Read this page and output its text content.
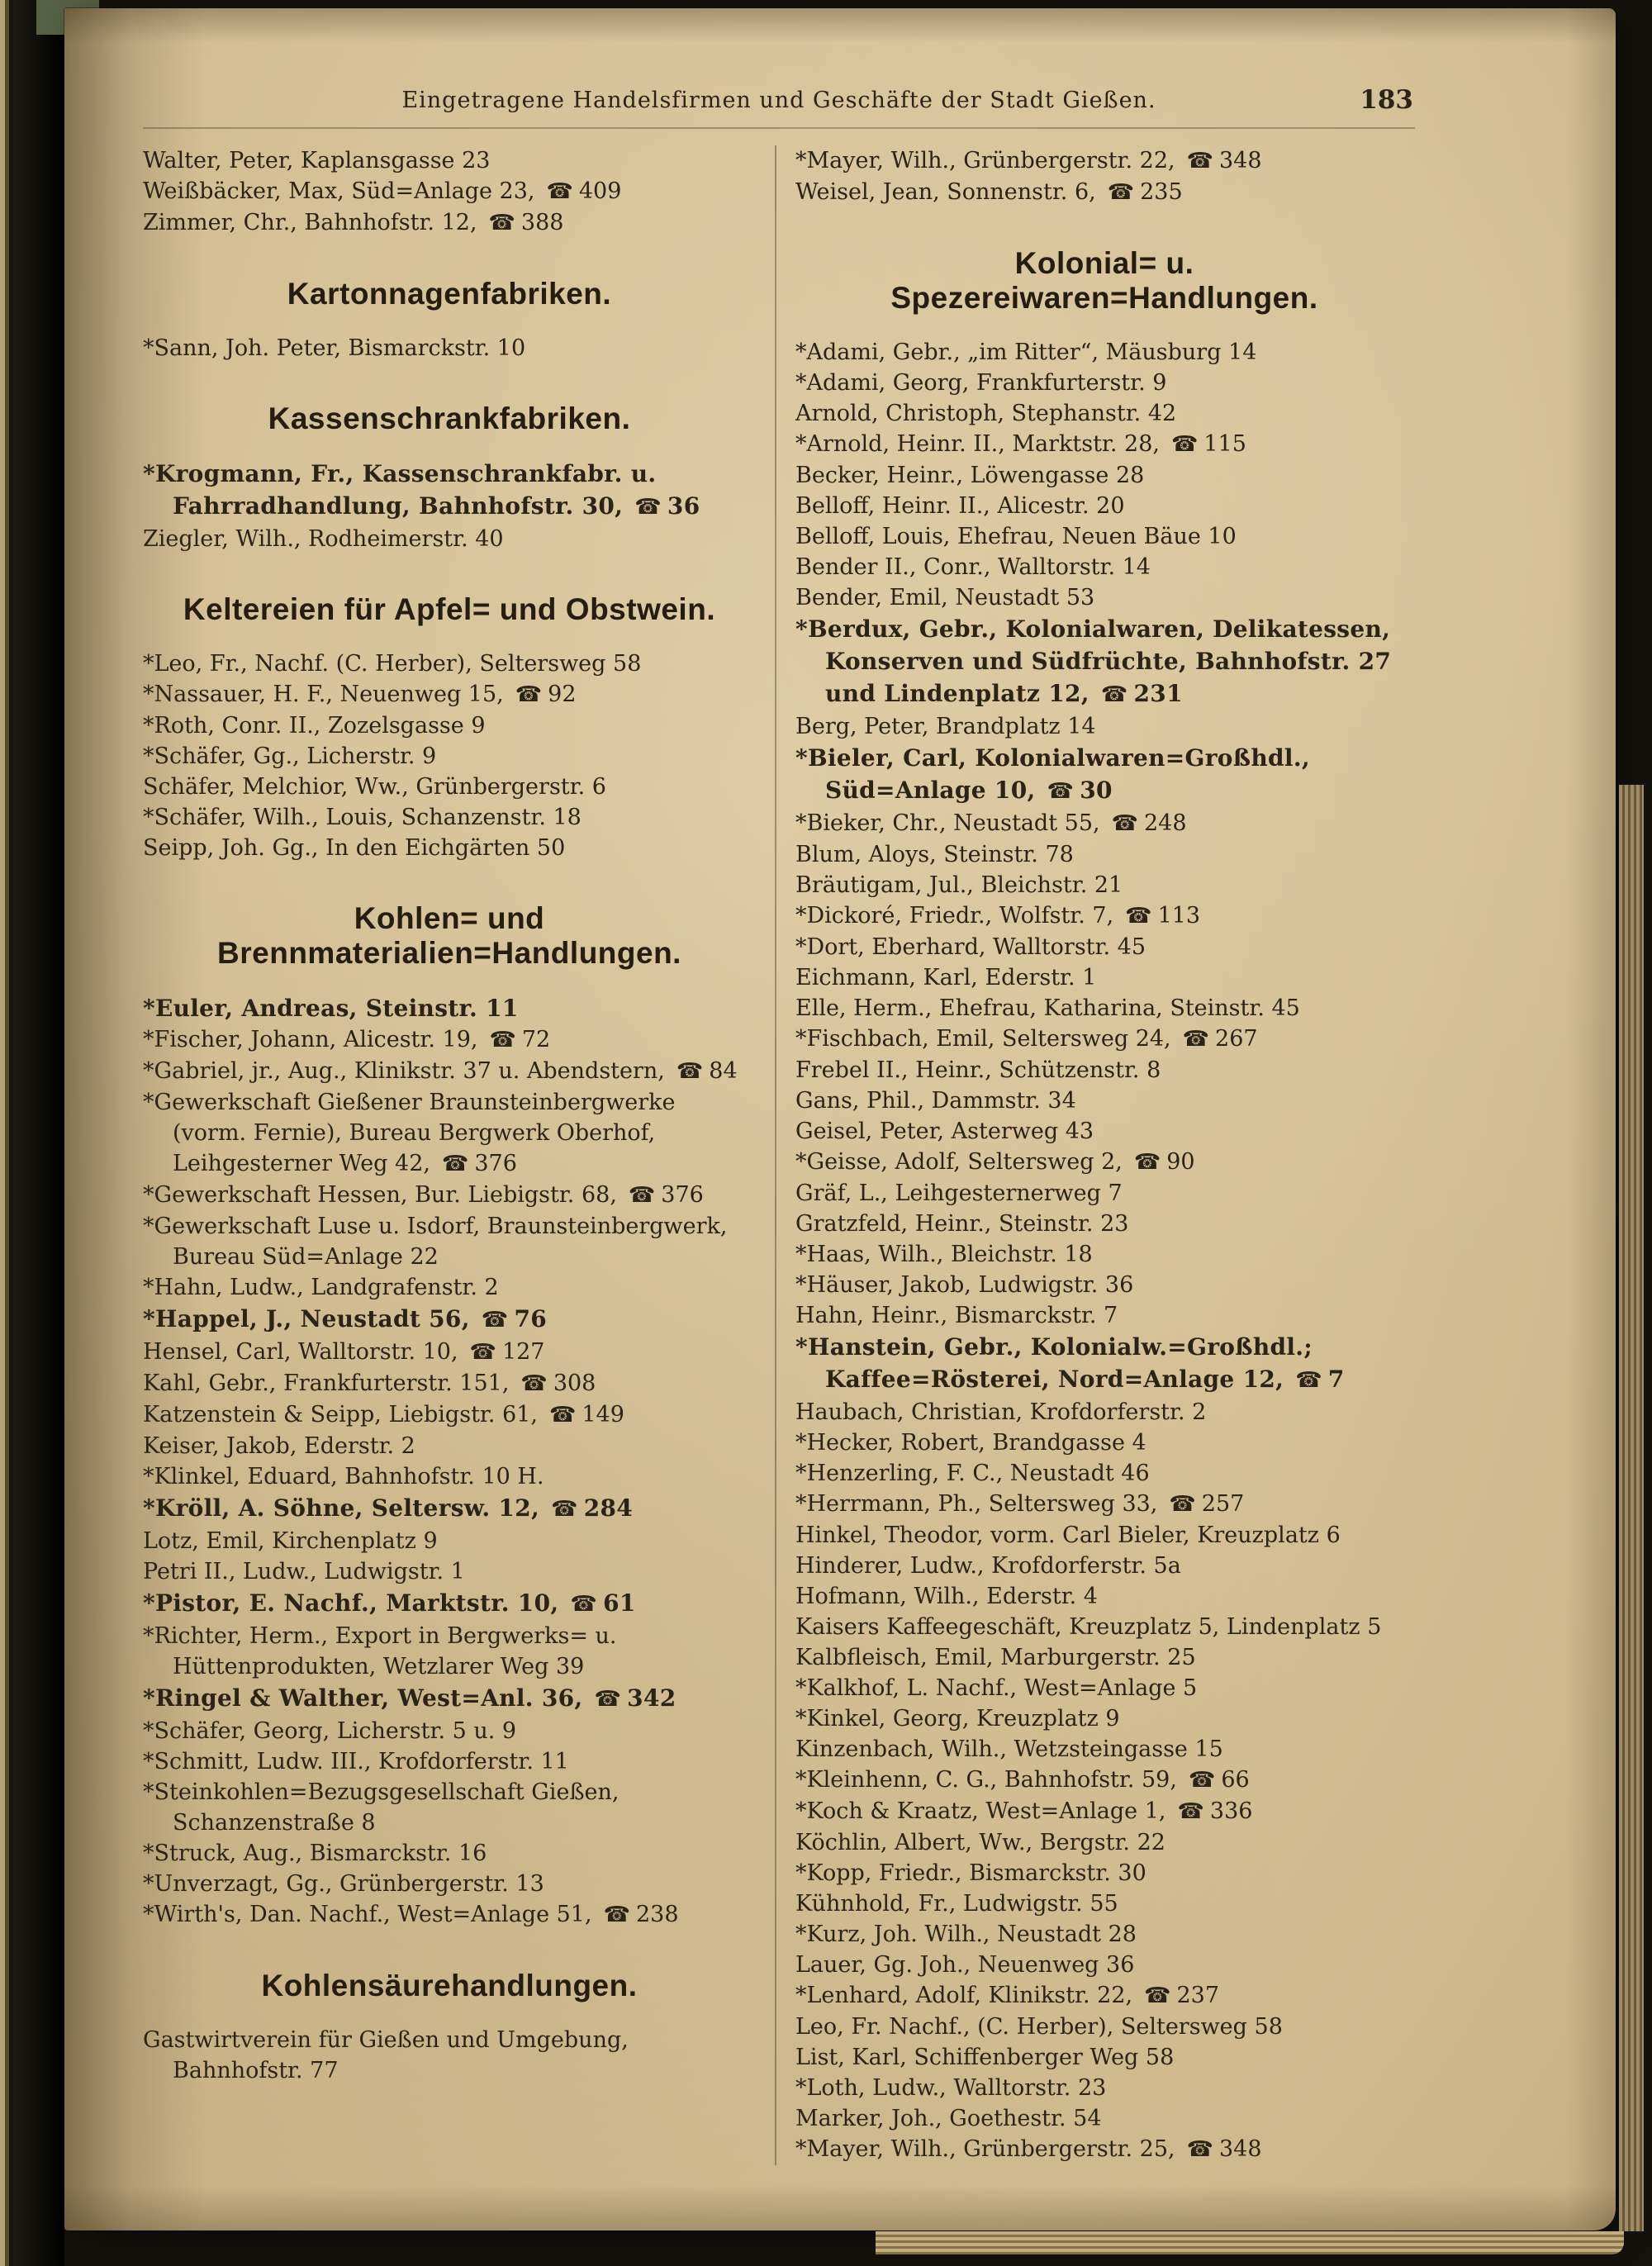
Eingetragene Handelsfirmen und Geschäfte der Stadt Gießen.	183
Walter, Peter, Kaplansgasse 23
Weißbäcker, Max, Süd=Anlage 23, ☎ 409
Zimmer, Chr., Bahnhofstr. 12, ☎ 388
Kartonnagenfabriken.
*Sann, Joh. Peter, Bismarckstr. 10
Kassenschrankfabriken.
*Krogmann, Fr., Kassenschrankfabr. u. Fahrradhandlung, Bahnhofstr. 30, ☎ 36
Ziegler, Wilh., Rodheimerstr. 40
Keltereien für Apfel= und Obstwein.
*Leo, Fr., Nachf. (C. Herber), Seltersweg 58
*Nassauer, H. F., Neuenweg 15, ☎ 92
*Roth, Conr. II., Zozelsgasse 9
*Schäfer, Gg., Licherstr. 9
Schäfer, Melchior, Ww., Grünbergerstr. 6
*Schäfer, Wilh., Louis, Schanzenstr. 18
Seipp, Joh. Gg., In den Eichgärten 50
Kohlen= und Brennmaterialien=Handlungen.
*Euler, Andreas, Steinstr. 11
*Fischer, Johann, Alicestr. 19, ☎ 72
*Gabriel, jr., Aug., Klinikstr. 37 u. Abendstern, ☎ 84
*Gewerkschaft Gießener Braunsteinbergwerke (vorm. Fernie), Bureau Bergwerk Oberhof, Leihgesterner Weg 42, ☎ 376
*Gewerkschaft Hessen, Bur. Liebigstr. 68, ☎ 376
*Gewerkschaft Luse u. Isdorf, Braunsteinbergwerk, Bureau Süd=Anlage 22
*Hahn, Ludw., Landgrafenstr. 2
*Happel, J., Neustadt 56, ☎ 76
Hensel, Carl, Walltorstr. 10, ☎ 127
Kahl, Gebr., Frankfurterstr. 151, ☎ 308
Katzenstein & Seipp, Liebigstr. 61, ☎ 149
Keiser, Jakob, Ederstr. 2
*Klinkel, Eduard, Bahnhofstr. 10 H.
*Kröll, A. Söhne, Seltersw. 12, ☎ 284
Lotz, Emil, Kirchenplatz 9
Petri II., Ludw., Ludwigstr. 1
*Pistor, E. Nachf., Marktstr. 10, ☎ 61
*Richter, Herm., Export in Bergwerks= u. Hüttenprodukten, Wetzlarer Weg 39
*Ringel & Walther, West=Anl. 36, ☎ 342
*Schäfer, Georg, Licherstr. 5 u. 9
*Schmitt, Ludw. III., Krofdorferstr. 11
*Steinkohlen=Bezugsgesellschaft Gießen, Schanzenstraße 8
*Struck, Aug., Bismarckstr. 16
*Unverzagt, Gg., Grünbergerstr. 13
*Wirth's, Dan. Nachf., West=Anlage 51, ☎ 238
Kohlensäurehandlungen.
Gastwirtverein für Gießen und Umgebung, Bahnhofstr. 77
*Mayer, Wilh., Grünbergerstr. 22, ☎ 348
Weisel, Jean, Sonnenstr. 6, ☎ 235
Kolonial= u. Spezereiwaren=Handlungen.
*Adami, Gebr., „im Ritter“, Mäusburg 14
*Adami, Georg, Frankfurterstr. 9
Arnold, Christoph, Stephanstr. 42
*Arnold, Heinr. II., Marktstr. 28, ☎ 115
Becker, Heinr., Löwengasse 28
Belloff, Heinr. II., Alicestr. 20
Belloff, Louis, Ehefrau, Neuen Bäue 10
Bender II., Conr., Walltorstr. 14
Bender, Emil, Neustadt 53
*Berdux, Gebr., Kolonialwaren, Delikatessen, Konserven und Südfrüchte, Bahnhofstr. 27 und Lindenplatz 12, ☎ 231
Berg, Peter, Brandplatz 14
*Bieler, Carl, Kolonialwaren=Großhdl., Süd=Anlage 10, ☎ 30
*Bieker, Chr., Neustadt 55, ☎ 248
Blum, Aloys, Steinstr. 78
Bräutigam, Jul., Bleichstr. 21
*Dickoré, Friedr., Wolfstr. 7, ☎ 113
*Dort, Eberhard, Walltorstr. 45
Eichmann, Karl, Ederstr. 1
Elle, Herm., Ehefrau, Katharina, Steinstr. 45
*Fischbach, Emil, Seltersweg 24, ☎ 267
Frebel II., Heinr., Schützenstr. 8
Gans, Phil., Dammstr. 34
Geisel, Peter, Asterweg 43
*Geisse, Adolf, Seltersweg 2, ☎ 90
Gräf, L., Leihgesternerweg 7
Gratzfeld, Heinr., Steinstr. 23
*Haas, Wilh., Bleichstr. 18
*Häuser, Jakob, Ludwigstr. 36
Hahn, Heinr., Bismarckstr. 7
*Hanstein, Gebr., Kolonialw.=Großhdl.; Kaffee=Rösterei, Nord=Anlage 12, ☎ 7
Haubach, Christian, Krofdorferstr. 2
*Hecker, Robert, Brandgasse 4
*Henzerling, F. C., Neustadt 46
*Herrmann, Ph., Seltersweg 33, ☎ 257
Hinkel, Theodor, vorm. Carl Bieler, Kreuzplatz 6
Hinderer, Ludw., Krofdorferstr. 5a
Hofmann, Wilh., Ederstr. 4
Kaisers Kaffeegeschäft, Kreuzplatz 5, Lindenplatz 5
Kalbfleisch, Emil, Marburgerstr. 25
*Kalkhof, L. Nachf., West=Anlage 5
*Kinkel, Georg, Kreuzplatz 9
Kinzenbach, Wilh., Wetzsteingasse 15
*Kleinhenn, C. G., Bahnhofstr. 59, ☎ 66
*Koch & Kraatz, West=Anlage 1, ☎ 336
Köchlin, Albert, Ww., Bergstr. 22
*Kopp, Friedr., Bismarckstr. 30
Kühnhold, Fr., Ludwigstr. 55
*Kurz, Joh. Wilh., Neustadt 28
Lauer, Gg. Joh., Neuenweg 36
*Lenhard, Adolf, Klinikstr. 22, ☎ 237
Leo, Fr. Nachf., (C. Herber), Seltersweg 58
List, Karl, Schiffenberger Weg 58
*Loth, Ludw., Walltorstr. 23
Marker, Joh., Goethestr. 54
*Mayer, Wilh., Grünbergerstr. 25, ☎ 348
